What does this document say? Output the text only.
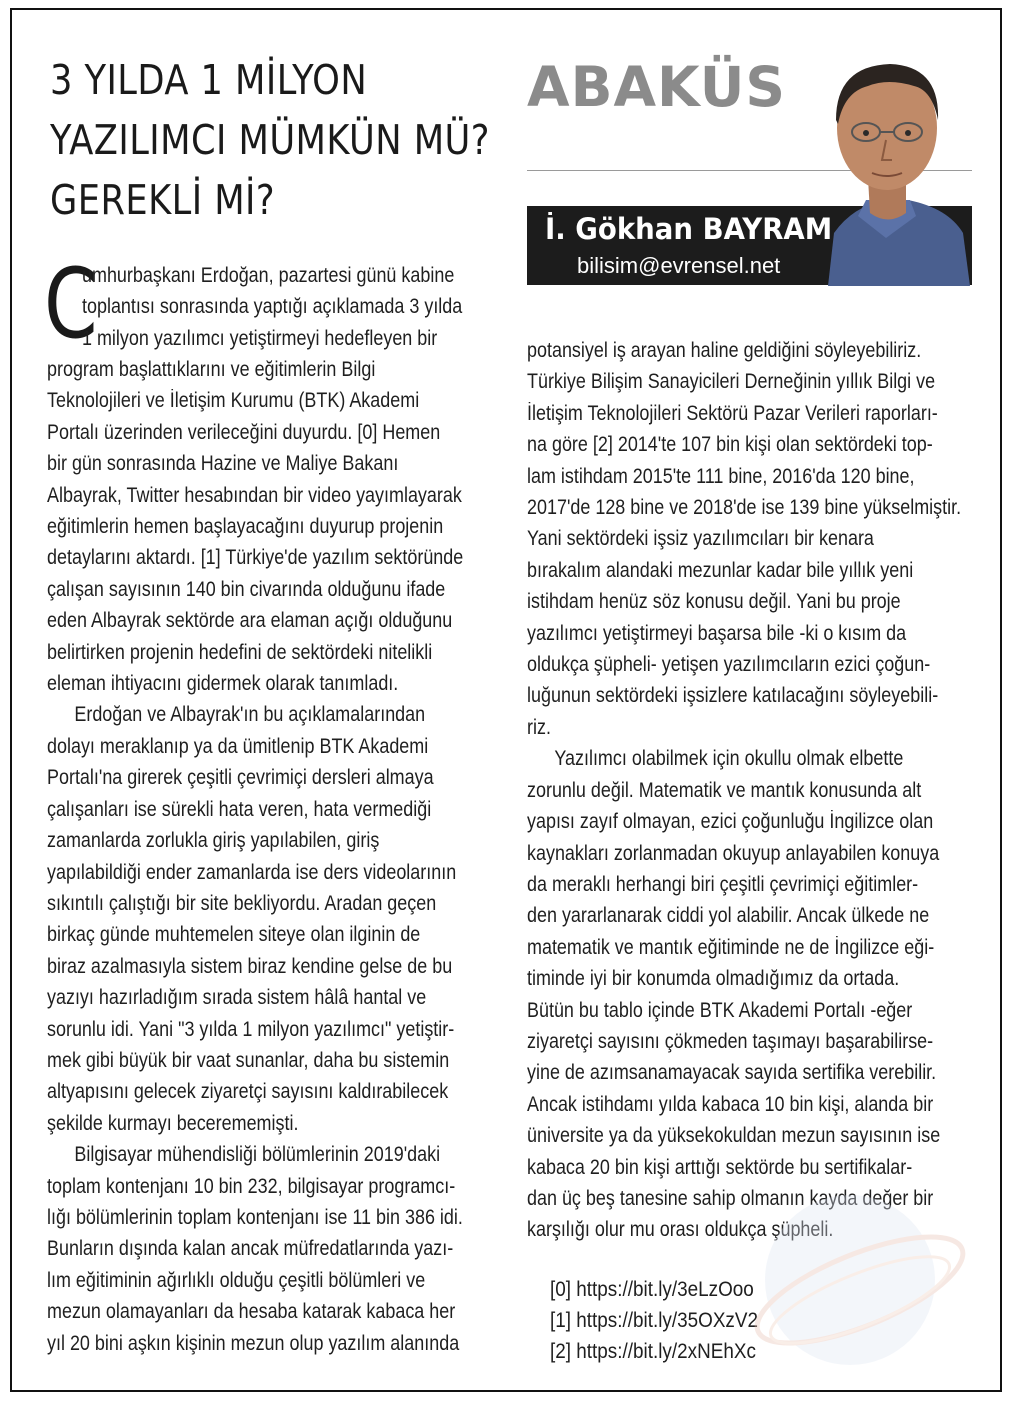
3 YILDA 1 MİLYON
YAZILIMCI MÜMKÜN MÜ?
GEREKLİ Mİ?
ABAKÜS
İ. Gökhan BAYRAM
bilisim@evrensel.net
C
umhurbaşkanı Erdoğan, pazartesi günü kabine
toplantısı sonrasında yaptığı açıklamada 3 yılda
1 milyon yazılımcı yetiştirmeyi hedefleyen bir
program başlattıklarını ve eğitimlerin Bilgi
Teknolojileri ve İletişim Kurumu (BTK) Akademi
Portalı üzerinden verileceğini duyurdu. [0] Hemen
bir gün sonrasında Hazine ve Maliye Bakanı
Albayrak, Twitter hesabından bir video yayımlayarak
eğitimlerin hemen başlayacağını duyurup projenin
detaylarını aktardı. [1] Türkiye'de yazılım sektöründe
çalışan sayısının 140 bin civarında olduğunu ifade
eden Albayrak sektörde ara elaman açığı olduğunu
belirtirken projenin hedefini de sektördeki nitelikli
eleman ihtiyacını gidermek olarak tanımladı.
Erdoğan ve Albayrak'ın bu açıklamalarından
dolayı meraklanıp ya da ümitlenip BTK Akademi
Portalı'na girerek çeşitli çevrimiçi dersleri almaya
çalışanları ise sürekli hata veren, hata vermediği
zamanlarda zorlukla giriş yapılabilen, giriş
yapılabildiği ender zamanlarda ise ders videolarının
sıkıntılı çalıştığı bir site bekliyordu. Aradan geçen
birkaç günde muhtemelen siteye olan ilginin de
biraz azalmasıyla sistem biraz kendine gelse de bu
yazıyı hazırladığım sırada sistem hâlâ hantal ve
sorunlu idi. Yani "3 yılda 1 milyon yazılımcı" yetiştir-
mek gibi büyük bir vaat sunanlar, daha bu sistemin
altyapısını gelecek ziyaretçi sayısını kaldırabilecek
şekilde kurmayı becerememişti.
Bilgisayar mühendisliği bölümlerinin 2019'daki
toplam kontenjanı 10 bin 232, bilgisayar programcı-
lığı bölümlerinin toplam kontenjanı ise 11 bin 386 idi.
Bunların dışında kalan ancak müfredatlarında yazı-
lım eğitiminin ağırlıklı olduğu çeşitli bölümleri ve
mezun olamayanları da hesaba katarak kabaca her
yıl 20 bini aşkın kişinin mezun olup yazılım alanında
potansiyel iş arayan haline geldiğini söyleyebiliriz.
Türkiye Bilişim Sanayicileri Derneğinin yıllık Bilgi ve
İletişim Teknolojileri Sektörü Pazar Verileri raporları-
na göre [2] 2014'te 107 bin kişi olan sektördeki top-
lam istihdam 2015'te 111 bine, 2016'da 120 bine,
2017'de 128 bine ve 2018'de ise 139 bine yükselmiştir.
Yani sektördeki işsiz yazılımcıları bir kenara
bırakalım alandaki mezunlar kadar bile yıllık yeni
istihdam henüz söz konusu değil. Yani bu proje
yazılımcı yetiştirmeyi başarsa bile -ki o kısım da
oldukça şüpheli- yetişen yazılımcıların ezici çoğun-
luğunun sektördeki işsizlere katılacağını söyleyebili-
riz.
Yazılımcı olabilmek için okullu olmak elbette
zorunlu değil. Matematik ve mantık konusunda alt
yapısı zayıf olmayan, ezici çoğunluğu İngilizce olan
kaynakları zorlanmadan okuyup anlayabilen konuya
da meraklı herhangi biri çeşitli çevrimiçi eğitimler-
den yararlanarak ciddi yol alabilir. Ancak ülkede ne
matematik ve mantık eğitiminde ne de İngilizce eği-
timinde iyi bir konumda olmadığımız da ortada.
Bütün bu tablo içinde BTK Akademi Portalı -eğer
ziyaretçi sayısını çökmeden taşımayı başarabilirse-
yine de azımsanamayacak sayıda sertifika verebilir.
Ancak istihdamı yılda kabaca 10 bin kişi, alanda bir
üniversite ya da yüksekokuldan mezun sayısının ise
kabaca 20 bin kişi arttığı sektörde bu sertifikalar-
dan üç beş tanesine sahip olmanın kayda değer bir
karşılığı olur mu orası oldukça şüpheli.
[0] https://bit.ly/3eLzOoo
[1] https://bit.ly/35OXzV2
[2] https://bit.ly/2xNEhXc
